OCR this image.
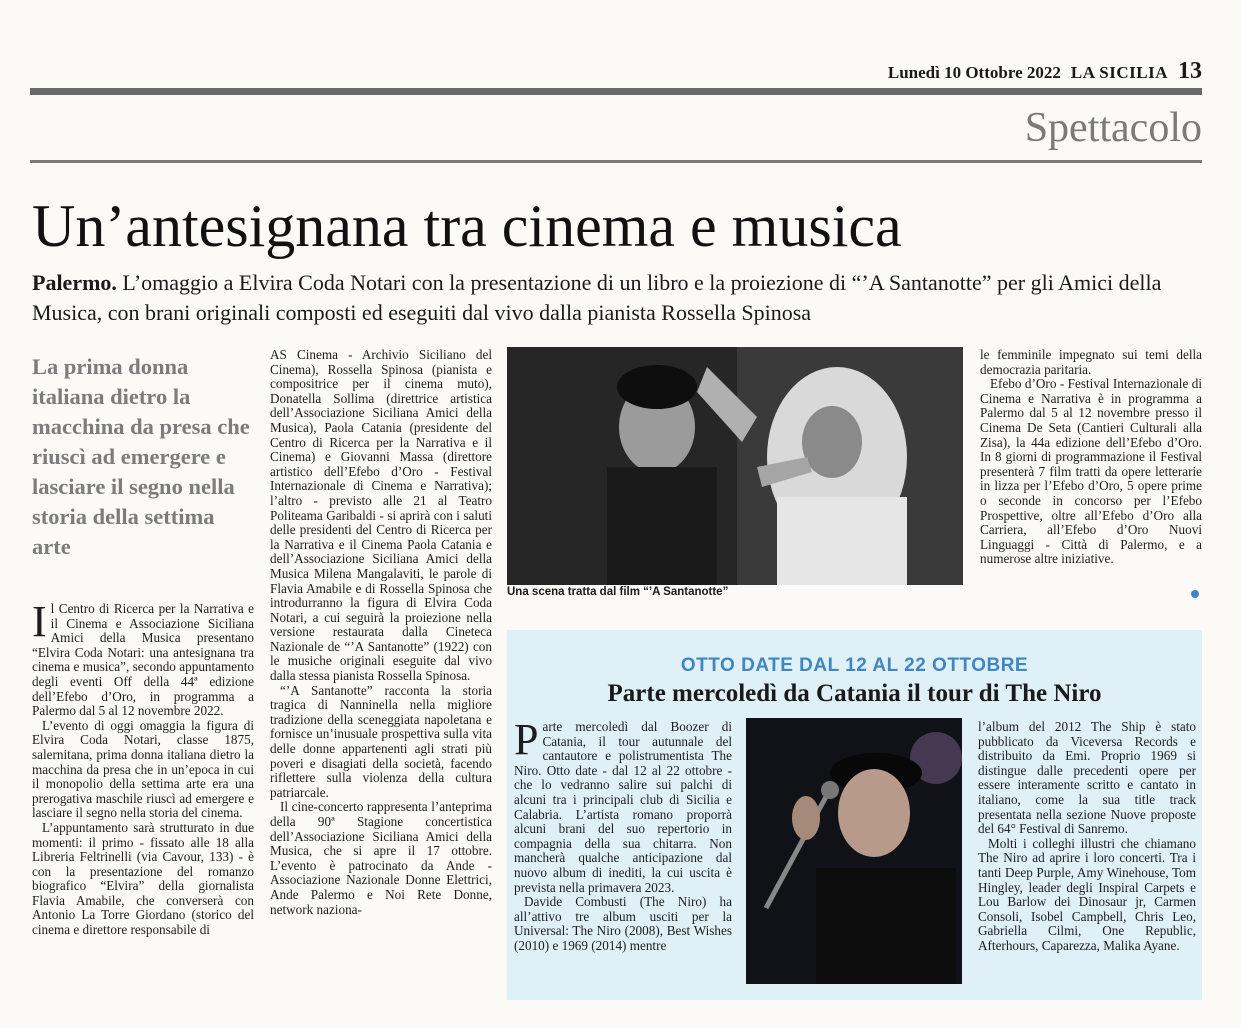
Lunedì 10 Ottobre 2022 LA SICILIA 13
Spettacolo
Un’antesignana tra cinema e musica
Palermo. L’omaggio a Elvira Coda Notari con la presentazione di un libro e la proiezione di “’A Santanotte” per gli Amici della Musica, con brani originali composti ed eseguiti dal vivo dalla pianista Rossella Spinosa
La prima donna italiana dietro la macchina da presa che riuscì ad emergere e lasciare il segno nella storia della settima arte

Il Centro di Ricerca per la Narrativa e il Cinema e Associazione Siciliana Amici della Musica presentano “Elvira Coda Notari: una antesignana tra cinema e musica”, secondo appuntamento degli eventi Off della 44ª edizione dell’Efebo d’Oro, in programma a Palermo dal 5 al 12 novembre 2022.

L’evento di oggi omaggia la figura di Elvira Coda Notari, classe 1875, salernitana, prima donna italiana dietro la macchina da presa che in un’epoca in cui il monopolio della settima arte era una prerogativa maschile riuscì ad emergere e lasciare il segno nella storia del cinema.

L’appuntamento sarà strutturato in due momenti: il primo - fissato alle 18 alla Libreria Feltrinelli (via Cavour, 133) - è con la presentazione del romanzo biografico “Elvira” della giornalista Flavia Amabile, che converserà con Antonio La Torre Giordano (storico del cinema e direttore responsabile di

AS Cinema - Archivio Siciliano del Cinema), Rossella Spinosa (pianista e compositrice per il cinema muto), Donatella Sollima (direttrice artistica dell’Associazione Siciliana Amici della Musica), Paola Catania (presidente del Centro di Ricerca per la Narrativa e il Cinema) e Giovanni Massa (direttore artistico dell’Efebo d’Oro - Festival Internazionale di Cinema e Narrativa); l’altro - previsto alle 21 al Teatro Politeama Garibaldi - si aprirà con i saluti delle presidenti del Centro di Ricerca per la Narrativa e il Cinema Paola Catania e dell’Associazione Siciliana Amici della Musica Milena Mangalaviti, le parole di Flavia Amabile e di Rossella Spinosa che introdurranno la figura di Elvira Coda Notari, a cui seguirà la proiezione nella versione restaurata dalla Cineteca Nazionale de “’A Santanotte” (1922) con le musiche originali eseguite dal vivo dalla stessa pianista Rossella Spinosa.

“’A Santanotte” racconta la storia tragica di Nanninella nella migliore tradizione della sceneggiata napoletana e fornisce un’inusuale prospettiva sulla vita delle donne appartenenti agli strati più poveri e disagiati della società, facendo riflettere sulla violenza della cultura patriarcale.

Il cine-concerto rappresenta l’anteprima della 90ª Stagione concertistica dell’Associazione Siciliana Amici della Musica, che si apre il 17 ottobre. L’evento è patrocinato da Ande - Associazione Nazionale Donne Elettrici, Ande Palermo e Noi Rete Donne, network naziona-

Una scena tratta dal film “’A Santanotte”

le femminile impegnato sui temi della democrazia paritaria.

Efebo d’Oro - Festival Internazionale di Cinema e Narrativa è in programma a Palermo dal 5 al 12 novembre presso il Cinema De Seta (Cantieri Culturali alla Zisa), la 44a edizione dell’Efebo d’Oro. In 8 giorni di programmazione il Festival presenterà 7 film tratti da opere letterarie in lizza per l’Efebo d’Oro, 5 opere prime o seconde in concorso per l’Efebo Prospettive, oltre all’Efebo d’Oro alla Carriera, all’Efebo d’Oro Nuovi Linguaggi - Città di Palermo, e a numerose altre iniziative.

OTTO DATE DAL 12 AL 22 OTTOBRE
Parte mercoledì da Catania il tour di The Niro

Parte mercoledì dal Boozer di Catania, il tour autunnale del cantautore e polistrumentista The Niro. Otto date - dal 12 al 22 ottobre - che lo vedranno salire sui palchi di alcuni tra i principali club di Sicilia e Calabria. L’artista romano proporrà alcuni brani del suo repertorio in compagnia della sua chitarra. Non mancherà qualche anticipazione dal nuovo album di inediti, la cui uscita è prevista nella primavera 2023.

Davide Combusti (The Niro) ha all’attivo tre album usciti per la Universal: The Niro (2008), Best Wishes (2010) e 1969 (2014) mentre

l’album del 2012 The Ship è stato pubblicato da Viceversa Records e distribuito da Emi. Proprio 1969 si distingue dalle precedenti opere per essere interamente scritto e cantato in italiano, come la sua title track presentata nella sezione Nuove proposte del 64° Festival di Sanremo.

Molti i colleghi illustri che chiamano The Niro ad aprire i loro concerti. Tra i tanti Deep Purple, Amy Winehouse, Tom Hingley, leader degli Inspiral Carpets e Lou Barlow dei Dinosaur jr, Carmen Consoli, Isobel Campbell, Chris Leo, Gabriella Cilmi, One Republic, Afterhours, Caparezza, Malika Ayane.
